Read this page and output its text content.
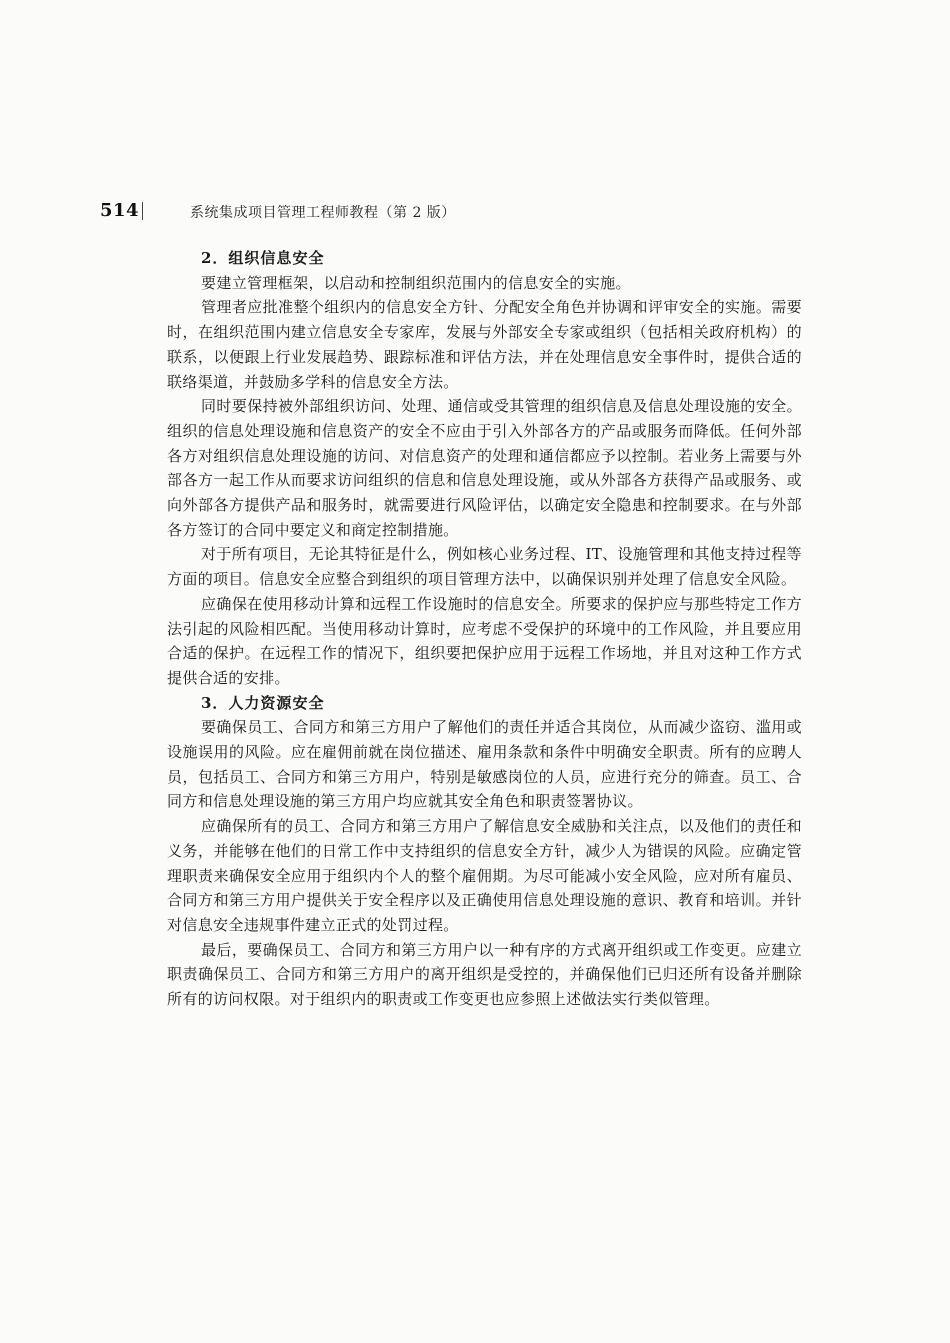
514	系统集成项目管理工程师教程（第 2 版）

2．组织信息安全

要建立管理框架，以启动和控制组织范围内的信息安全的实施。

管理者应批准整个组织内的信息安全方针、分配安全角色并协调和评审安全的实施。需要时，在组织范围内建立信息安全专家库，发展与外部安全专家或组织（包括相关政府机构）的联系，以便跟上行业发展趋势、跟踪标准和评估方法，并在处理信息安全事件时，提供合适的联络渠道，并鼓励多学科的信息安全方法。

同时要保持被外部组织访问、处理、通信或受其管理的组织信息及信息处理设施的安全。组织的信息处理设施和信息资产的安全不应由于引入外部各方的产品或服务而降低。任何外部各方对组织信息处理设施的访问、对信息资产的处理和通信都应予以控制。若业务上需要与外部各方一起工作从而要求访问组织的信息和信息处理设施，或从外部各方获得产品或服务、或向外部各方提供产品和服务时，就需要进行风险评估，以确定安全隐患和控制要求。在与外部各方签订的合同中要定义和商定控制措施。

对于所有项目，无论其特征是什么，例如核心业务过程、IT、设施管理和其他支持过程等方面的项目。信息安全应整合到组织的项目管理方法中，以确保识别并处理了信息安全风险。

应确保在使用移动计算和远程工作设施时的信息安全。所要求的保护应与那些特定工作方法引起的风险相匹配。当使用移动计算时，应考虑不受保护的环境中的工作风险，并且要应用合适的保护。在远程工作的情况下，组织要把保护应用于远程工作场地，并且对这种工作方式提供合适的安排。

3．人力资源安全

要确保员工、合同方和第三方用户了解他们的责任并适合其岗位，从而减少盗窃、滥用或设施误用的风险。应在雇佣前就在岗位描述、雇用条款和条件中明确安全职责。所有的应聘人员，包括员工、合同方和第三方用户，特别是敏感岗位的人员，应进行充分的筛查。员工、合同方和信息处理设施的第三方用户均应就其安全角色和职责签署协议。

应确保所有的员工、合同方和第三方用户了解信息安全威胁和关注点，以及他们的责任和义务，并能够在他们的日常工作中支持组织的信息安全方针，减少人为错误的风险。应确定管理职责来确保安全应用于组织内个人的整个雇佣期。为尽可能减小安全风险，应对所有雇员、合同方和第三方用户提供关于安全程序以及正确使用信息处理设施的意识、教育和培训。并针对信息安全违规事件建立正式的处罚过程。

最后，要确保员工、合同方和第三方用户以一种有序的方式离开组织或工作变更。应建立职责确保员工、合同方和第三方用户的离开组织是受控的，并确保他们已归还所有设备并删除所有的访问权限。对于组织内的职责或工作变更也应参照上述做法实行类似管理。
